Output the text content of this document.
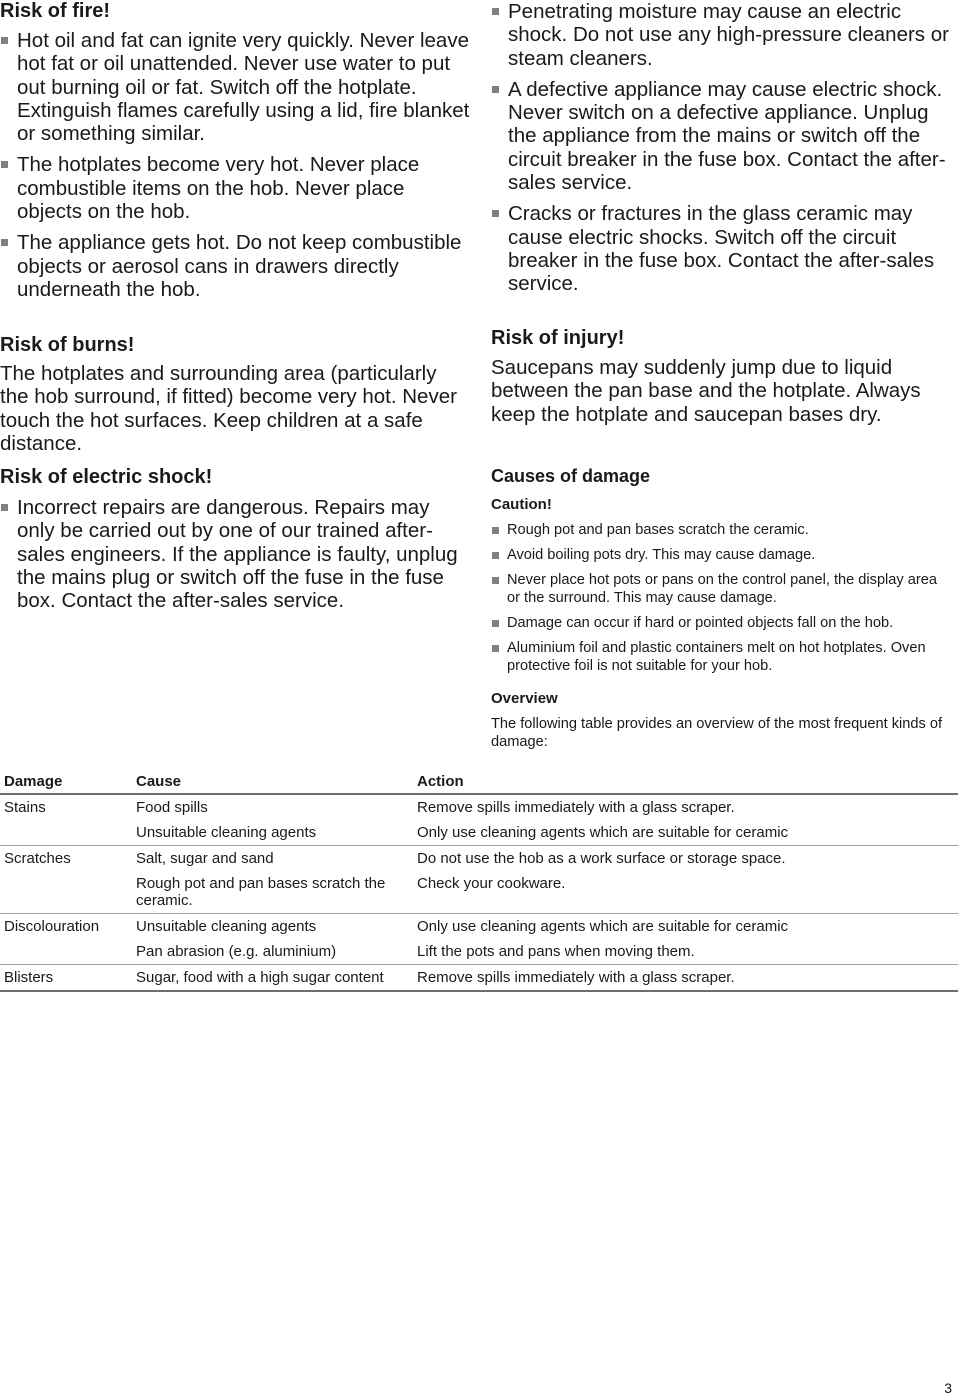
Risk of fire!

Hot oil and fat can ignite very quickly. Never leave hot fat or oil unattended. Never use water to put out burning oil or fat. Switch off the hotplate. Extinguish flames carefully using a lid, fire blanket or something similar.

The hotplates become very hot. Never place combustible items on the hob. Never place objects on the hob.

The appliance gets hot. Do not keep combustible objects or aerosol cans in drawers directly underneath the hob.

Risk of burns!

The hotplates and surrounding area (particularly the hob surround, if fitted) become very hot. Never touch the hot surfaces. Keep children at a safe distance.

Risk of electric shock!

Incorrect repairs are dangerous. Repairs may only be carried out by one of our trained after-sales engineers. If the appliance is faulty, unplug the mains plug or switch off the fuse in the fuse box. Contact the after-sales service.

Penetrating moisture may cause an electric shock. Do not use any high-pressure cleaners or steam cleaners.

A defective appliance may cause electric shock. Never switch on a defective appliance. Unplug the appliance from the mains or switch off the circuit breaker in the fuse box. Contact the after-sales service.

Cracks or fractures in the glass ceramic may cause electric shocks. Switch off the circuit breaker in the fuse box. Contact the after-sales service.

Risk of injury!

Saucepans may suddenly jump due to liquid between the pan base and the hotplate. Always keep the hotplate and saucepan bases dry.

Causes of damage

Caution!

Rough pot and pan bases scratch the ceramic.

Avoid boiling pots dry. This may cause damage.

Never place hot pots or pans on the control panel, the display area or the surround. This may cause damage.

Damage can occur if hard or pointed objects fall on the hob.

Aluminium foil and plastic containers melt on hot hotplates. Oven protective foil is not suitable for your hob.

Overview

The following table provides an overview of the most frequent kinds of damage:

Damage	Cause	Action
Stains	Food spills	Remove spills immediately with a glass scraper.
	Unsuitable cleaning agents	Only use cleaning agents which are suitable for ceramic
Scratches	Salt, sugar and sand	Do not use the hob as a work surface or storage space.
	Rough pot and pan bases scratch the ceramic.	Check your cookware.
Discolouration	Unsuitable cleaning agents	Only use cleaning agents which are suitable for ceramic
	Pan abrasion (e.g. aluminium)	Lift the pots and pans when moving them.
Blisters	Sugar, food with a high sugar content	Remove spills immediately with a glass scraper.
3
